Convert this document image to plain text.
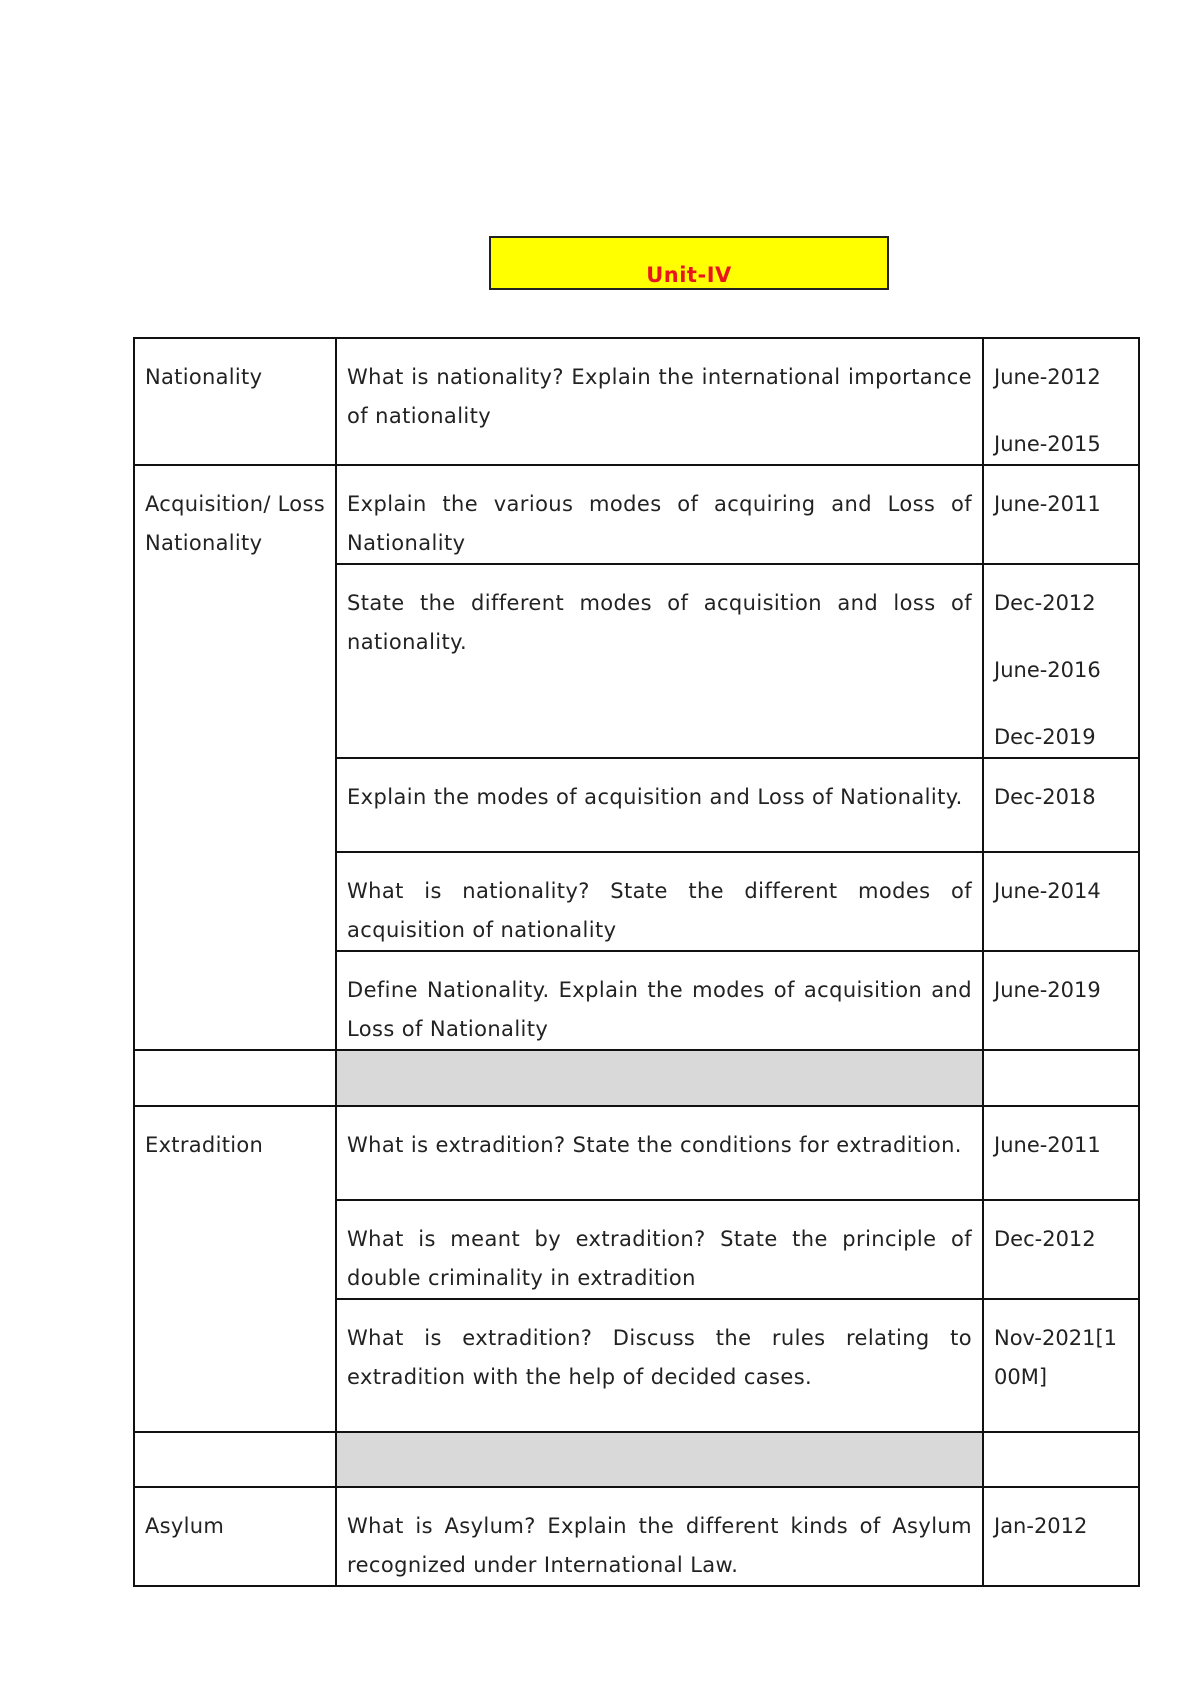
Unit-IV
Nationality	What is nationality? Explain the international importance of nationality	June-2012
June-2015

Acquisition/ Loss Nationality	Explain the various modes of acquiring and Loss of Nationality	June-2011

	State the different modes of acquisition and loss of nationality.	Dec-2012
June-2016
Dec-2019

	Explain the modes of acquisition and Loss of Nationality.	Dec-2018

	What is nationality? State the different modes of acquisition of nationality	June-2014

	Define Nationality. Explain the modes of acquisition and Loss of Nationality	June-2019

Extradition	What is extradition? State the conditions for extradition.	June-2011

	What is meant by extradition? State the principle of double criminality in extradition	Dec-2012

	What is extradition? Discuss the rules relating to extradition with the help of decided cases.	Nov-2021[100M]

Asylum	What is Asylum? Explain the different kinds of Asylum recognized under International Law.	Jan-2012
